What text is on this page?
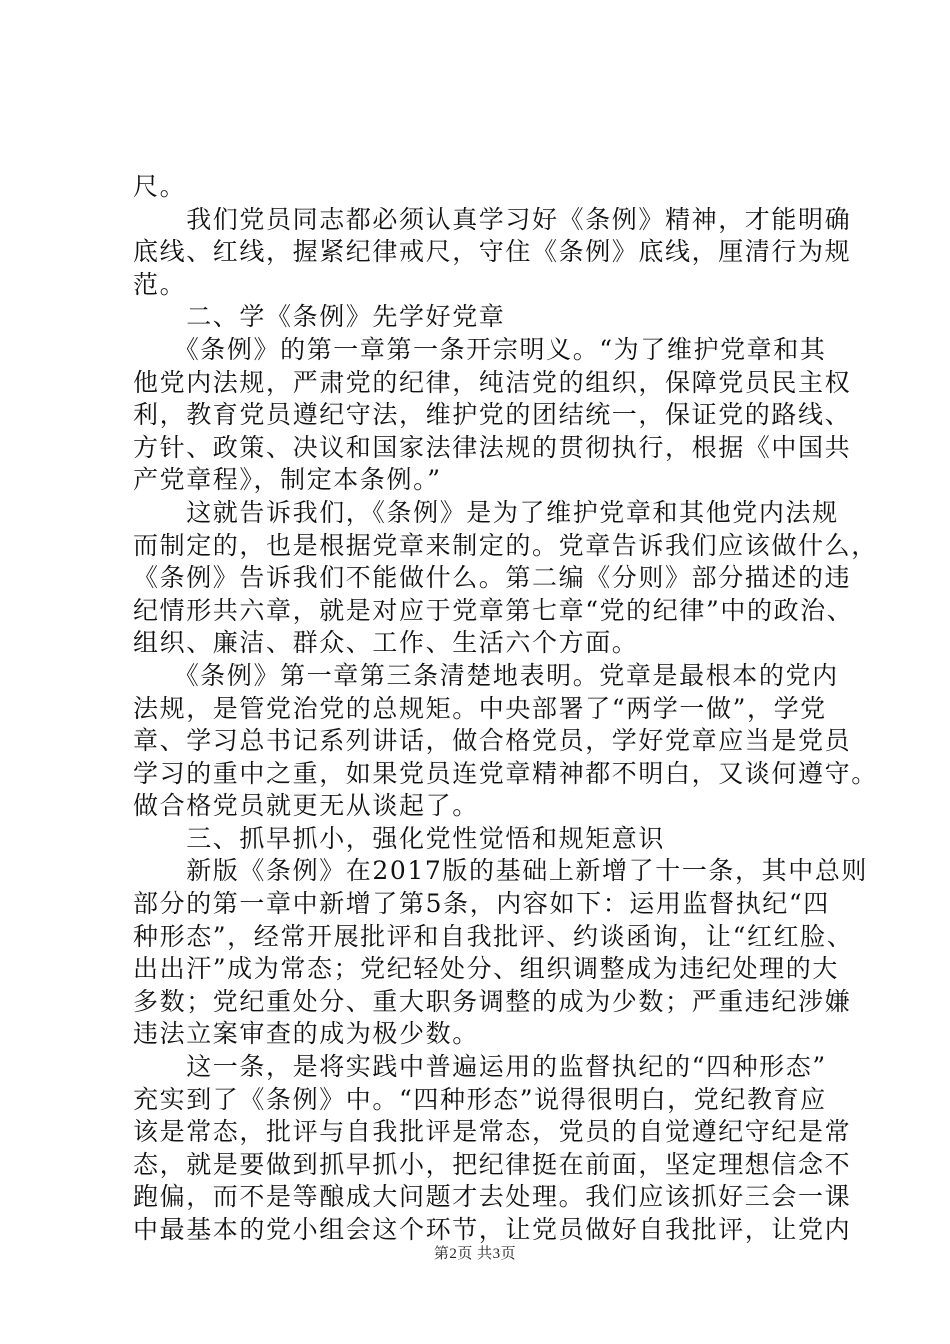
尺。
　　我们党员同志都必须认真学习好《条例》精神，才能明确
底线、红线，握紧纪律戒尺，守住《条例》底线，厘清行为规
范。
　　二、学《条例》先学好党章
　　《条例》的第一章第一条开宗明义。“为了维护党章和其
他党内法规，严肃党的纪律，纯洁党的组织，保障党员民主权
利，教育党员遵纪守法，维护党的团结统一，保证党的路线、
方针、政策、决议和国家法律法规的贯彻执行，根据《中国共
产党章程》，制定本条例。”
　　这就告诉我们，《条例》是为了维护党章和其他党内法规
而制定的，也是根据党章来制定的。党章告诉我们应该做什么，
《条例》告诉我们不能做什么。第二编《分则》部分描述的违
纪情形共六章，就是对应于党章第七章“党的纪律”中的政治、
组织、廉洁、群众、工作、生活六个方面。
　　《条例》第一章第三条清楚地表明。党章是最根本的党内
法规，是管党治党的总规矩。中央部署了“两学一做”，学党
章、学习总书记系列讲话，做合格党员，学好党章应当是党员
学习的重中之重，如果党员连党章精神都不明白，又谈何遵守。
做合格党员就更无从谈起了。
　　三、抓早抓小，强化党性觉悟和规矩意识
　　新版《条例》在2017版的基础上新增了十一条，其中总则
部分的第一章中新增了第5条，内容如下：运用监督执纪“四
种形态”，经常开展批评和自我批评、约谈函询，让“红红脸、
出出汗”成为常态；党纪轻处分、组织调整成为违纪处理的大
多数；党纪重处分、重大职务调整的成为少数；严重违纪涉嫌
违法立案审查的成为极少数。
　　这一条，是将实践中普遍运用的监督执纪的“四种形态”
充实到了《条例》中。“四种形态”说得很明白，党纪教育应
该是常态，批评与自我批评是常态，党员的自觉遵纪守纪是常
态，就是要做到抓早抓小，把纪律挺在前面，坚定理想信念不
跑偏，而不是等酿成大问题才去处理。我们应该抓好三会一课
中最基本的党小组会这个环节，让党员做好自我批评，让党内
第2页 共3页
